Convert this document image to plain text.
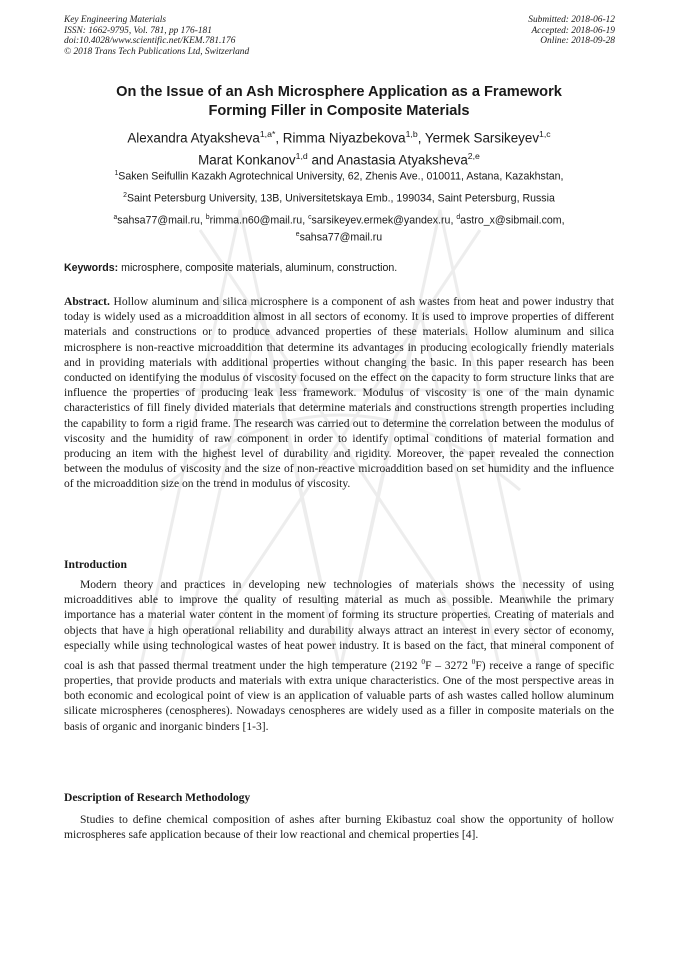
Key Engineering Materials
ISSN: 1662-9795, Vol. 781, pp 176-181
doi:10.4028/www.scientific.net/KEM.781.176
© 2018 Trans Tech Publications Ltd, Switzerland
Submitted: 2018-06-12
Accepted: 2018-06-19
Online: 2018-09-28
On the Issue of an Ash Microsphere Application as a Framework
Forming Filler in Composite Materials
Alexandra Atyaksheva$^{1,a*}$, Rimma Niyazbekova$^{1,b}$, Yermek Sarsikeyev$^{1,c}$
Marat Konkanov$^{1,d}$ and Anastasia Atyaksheva$^{2,e}$
$^1$Saken Seifullin Kazakh Agrotechnical University, 62, Zhenis Ave., 010011, Astana, Kazakhstan,
$^2$Saint Petersburg University, 13B, Universitetskaya Emb., 199034, Saint Petersburg, Russia
$^a$sahsa77@mail.ru, $^b$rimma.n60@mail.ru, $^c$sarsikeyev.ermek@yandex.ru, $^d$astro_x@sibmail.com,
$^e$sahsa77@mail.ru
Keywords: microsphere, composite materials, aluminum, construction.
Abstract. Hollow aluminum and silica microsphere is a component of ash wastes from heat and power industry that today is widely used as a microaddition almost in all sectors of economy. It is used to improve properties of different materials and constructions or to produce advanced properties of these materials. Hollow aluminum and silica microsphere is non-reactive microaddition that determine its advantages in producing ecologically friendly materials and in providing materials with additional properties without changing the basic. In this paper research has been conducted on identifying the modulus of viscosity focused on the effect on the capacity to form structure links that are influence the properties of producing leak less framework. Modulus of viscosity is one of the main dynamic characteristics of fill finely divided materials that determine materials and constructions strength properties including the capability to form a rigid frame. The research was carried out to determine the correlation between the modulus of viscosity and the humidity of raw component in order to identify optimal conditions of material formation and producing an item with the highest level of durability and rigidity. Moreover, the paper revealed the connection between the modulus of viscosity and the size of non-reactive microaddition based on set humidity and the influence of the microaddition size on the trend in modulus of viscosity.
Introduction
Modern theory and practices in developing new technologies of materials shows the necessity of using microadditives able to improve the quality of resulting material as much as possible. Meanwhile the primary importance has a material water content in the moment of forming its structure properties. Creating of materials and objects that have a high operational reliability and durability always attract an interest in every sector of economy, especially while using technological wastes of heat power industry. It is based on the fact, that mineral component of coal is ash that passed thermal treatment under the high temperature (2192 $^0$F – 3272 $^0$F) receive a range of specific properties, that provide products and materials with extra unique characteristics. One of the most perspective areas in both economic and ecological point of view is an application of valuable parts of ash wastes called hollow aluminum silicate microspheres (cenospheres). Nowadays cenospheres are widely used as a filler in composite materials on the basis of organic and inorganic binders [1-3].
Description of Research Methodology
Studies to define chemical composition of ashes after burning Ekibastuz coal show the opportunity of hollow microspheres safe application because of their low reactional and chemical properties [4].
